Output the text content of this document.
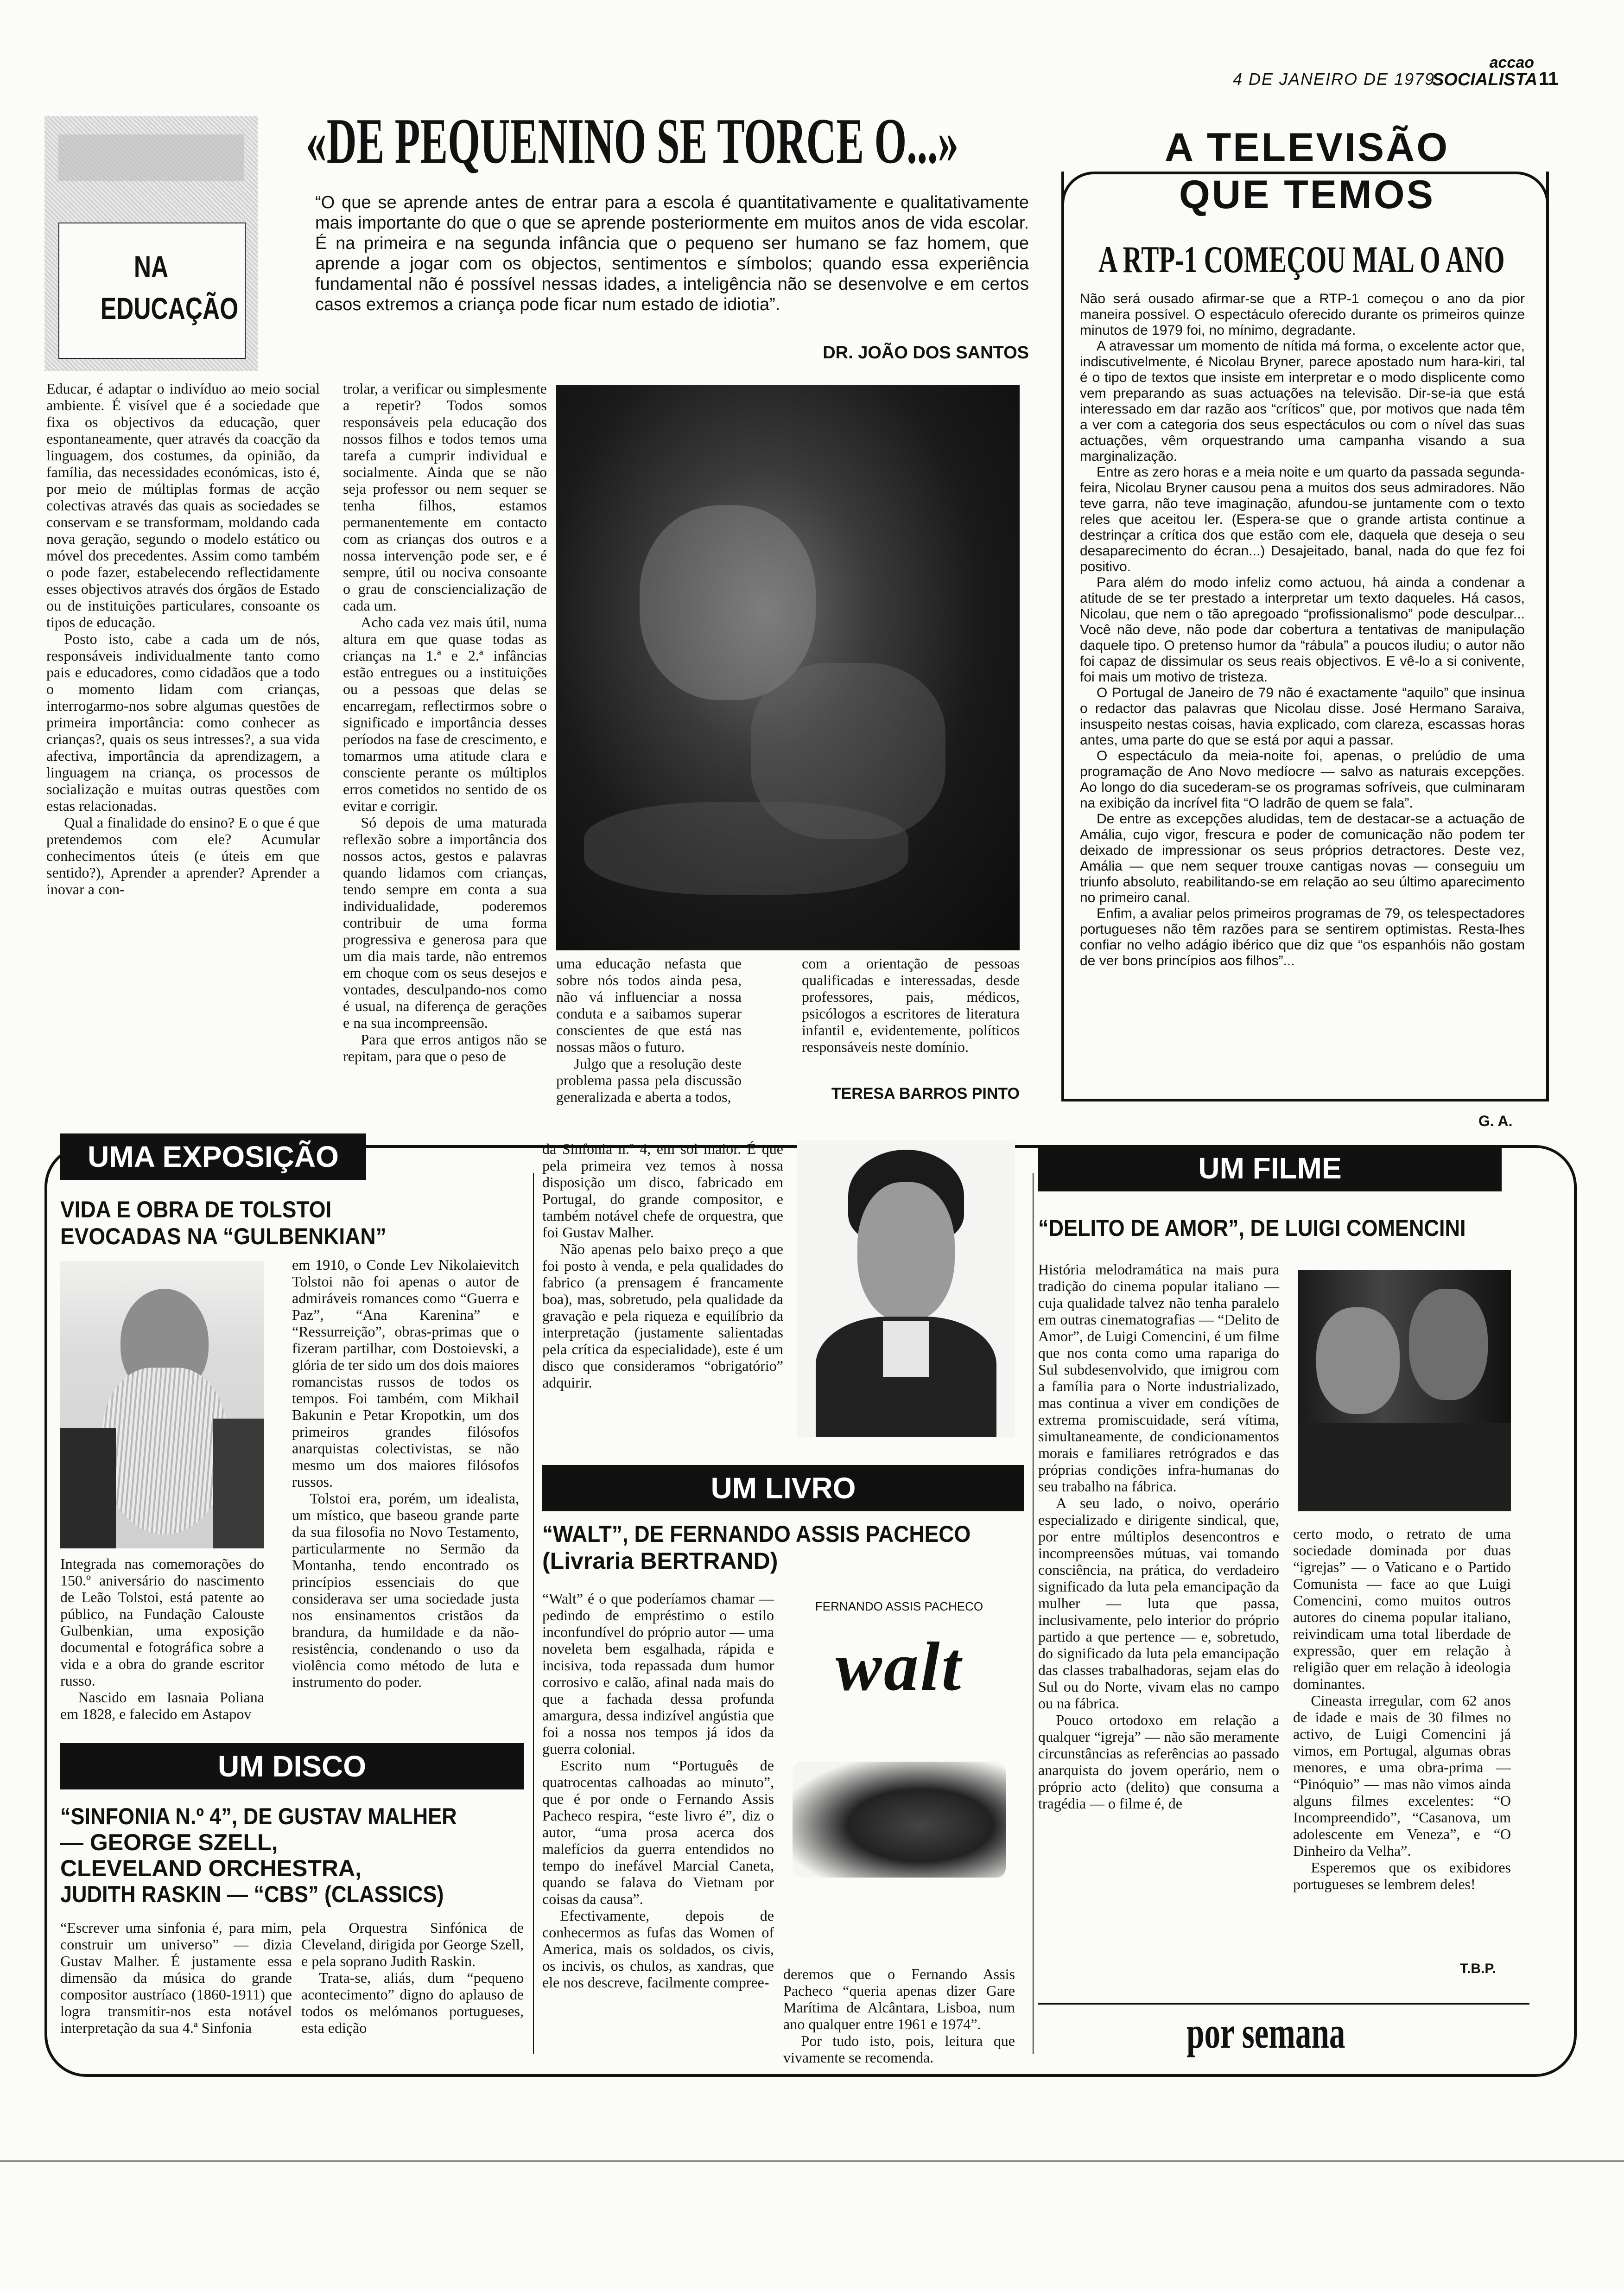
4 DE JANEIRO DE 1979
accao
SOCIALISTA 11
NA EDUCAÇÃO
«DE PEQUENINO SE TORCE O...»
“O que se aprende antes de entrar para a escola é quantitativamente e qualitativamente mais importante do que o que se aprende posteriormente em muitos anos de vida escolar. É na primeira e na segunda infância que o pequeno ser humano se faz homem, que aprende a jogar com os objectos, sentimentos e símbolos; quando essa experiência fundamental não é possível nessas idades, a inteligência não se desenvolve e em certos casos extremos a criança pode ficar num estado de idiotia”.
DR. JOÃO DOS SANTOS

Educar, é adaptar o indivíduo ao meio social ambiente. É visível que é a sociedade que fixa os objectivos da educação, quer espontaneamente, quer através da coacção da linguagem, dos costumes, da opinião, da família, das necessidades económicas, isto é, por meio de múltiplas formas de acção colectivas através das quais as sociedades se conservam e se transformam, moldando cada nova geração, segundo o modelo estático ou móvel dos precedentes. Assim como também o pode fazer, estabelecendo reflectidamente esses objectivos através dos órgãos de Estado ou de instituições particulares, consoante os tipos de educação.

Posto isto, cabe a cada um de nós, responsáveis individualmente tanto como pais e educadores, como cidadãos que a todo o momento lidam com crianças, interrogarmo-nos sobre algumas questões de primeira importância: como conhecer as crianças?, quais os seus intresses?, a sua vida afectiva, importância da aprendizagem, a linguagem na criança, os processos de socialização e muitas outras questões com estas relacionadas.

Qual a finalidade do ensino? E o que é que pretendemos com ele? Acumular conhecimentos úteis (e úteis em que sentido?), Aprender a aprender? Aprender a inovar a con-

trolar, a verificar ou simplesmente a repetir? Todos somos responsáveis pela educação dos nossos filhos e todos temos uma tarefa a cumprir individual e socialmente. Ainda que se não seja professor ou nem sequer se tenha filhos, estamos permanentemente em contacto com as crianças dos outros e a nossa intervenção pode ser, e é sempre, útil ou nociva consoante o grau de consciencialização de cada um.

Acho cada vez mais útil, numa altura em que quase todas as crianças na 1.ª e 2.ª infâncias estão entregues ou a instituições ou a pessoas que delas se encarregam, reflectirmos sobre o significado e importância desses períodos na fase de crescimento, e tomarmos uma atitude clara e consciente perante os múltiplos erros cometidos no sentido de os evitar e corrigir.

Só depois de uma maturada reflexão sobre a importância dos nossos actos, gestos e palavras quando lidamos com crianças, tendo sempre em conta a sua individualidade, poderemos contribuir de uma forma progressiva e generosa para que um dia mais tarde, não entremos em choque com os seus desejos e vontades, desculpando-nos como é usual, na diferença de gerações e na sua incompreensão.

Para que erros antigos não se repitam, para que o peso de

uma educação nefasta que sobre nós todos ainda pesa, não vá influenciar a nossa conduta e a saibamos superar conscientes de que está nas nossas mãos o futuro.

Julgo que a resolução deste problema passa pela discussão generalizada e aberta a todos,

com a orientação de pessoas qualificadas e interessadas, desde professores, pais, médicos, psicólogos a escritores de literatura infantil e, evidentemente, políticos responsáveis neste domínio.

TERESA BARROS PINTO
A TELEVISÃO
QUE TEMOS
A RTP-1 COMEÇOU MAL O ANO

Não será ousado afirmar-se que a RTP-1 começou o ano da pior maneira possível. O espectáculo oferecido durante os primeiros quinze minutos de 1979 foi, no mínimo, degradante.

A atravessar um momento de nítida má forma, o excelente actor que, indiscutivelmente, é Nicolau Bryner, parece apostado num hara-kiri, tal é o tipo de textos que insiste em interpretar e o modo displicente como vem preparando as suas actuações na televisão. Dir-se-ia que está interessado em dar razão aos “críticos” que, por motivos que nada têm a ver com a categoria dos seus espectáculos ou com o nível das suas actuações, vêm orquestrando uma campanha visando a sua marginalização.

Entre as zero horas e a meia noite e um quarto da passada segunda-feira, Nicolau Bryner causou pena a muitos dos seus admiradores. Não teve garra, não teve imaginação, afundou-se juntamente com o texto reles que aceitou ler. (Espera-se que o grande artista continue a destrinçar a crítica dos que estão com ele, daquela que deseja o seu desaparecimento do écran...) Desajeitado, banal, nada do que fez foi positivo.

Para além do modo infeliz como actuou, há ainda a condenar a atitude de se ter prestado a interpretar um texto daqueles. Há casos, Nicolau, que nem o tão apregoado “profissionalismo” pode desculpar... Você não deve, não pode dar cobertura a tentativas de manipulação daquele tipo. O pretenso humor da “rábula” a poucos iludiu; o autor não foi capaz de dissimular os seus reais objectivos. E vê-lo a si conivente, foi mais um motivo de tristeza.

O Portugal de Janeiro de 79 não é exactamente “aquilo” que insinua o redactor das palavras que Nicolau disse. José Hermano Saraiva, insuspeito nestas coisas, havia explicado, com clareza, escassas horas antes, uma parte do que se está por aqui a passar.

O espectáculo da meia-noite foi, apenas, o prelúdio de uma programação de Ano Novo medíocre — salvo as naturais excepções. Ao longo do dia sucederam-se os programas sofríveis, que culminaram na exibição da incrível fita “O ladrão de quem se fala”.

De entre as excepções aludidas, tem de destacar-se a actuação de Amália, cujo vigor, frescura e poder de comunicação não podem ter deixado de impressionar os seus próprios detractores. Deste vez, Amália — que nem sequer trouxe cantigas novas — conseguiu um triunfo absoluto, reabilitando-se em relação ao seu último aparecimento no primeiro canal.

Enfim, a avaliar pelos primeiros programas de 79, os telespectadores portugueses não têm razões para se sentirem optimistas. Resta-lhes confiar no velho adágio ibérico que diz que “os espanhóis não gostam de ver bons princípios aos filhos”...

G. A.
UMA EXPOSIÇÃO
VIDA E OBRA DE TOLSTOI EVOCADAS NA “GULBENKIAN”

em 1910, o Conde Lev Nikolaievitch Tolstoi não foi apenas o autor de admiráveis romances como “Guerra e Paz”, “Ana Karenina” e “Ressurreição”, obras-primas que o fizeram partilhar, com Dostoievski, a glória de ter sido um dos dois maiores romancistas russos de todos os tempos. Foi também, com Mikhail Bakunin e Petar Kropotkin, um dos primeiros grandes filósofos anarquistas colectivistas, se não mesmo um dos maiores filósofos russos.

Tolstoi era, porém, um idealista, um místico, que baseou grande parte da sua filosofia no Novo Testamento, particularmente no Sermão da Montanha, tendo encontrado os princípios essenciais do que considerava ser uma sociedade justa nos ensinamentos cristãos da brandura, da humildade e da não-resistência, condenando o uso da violência como método de luta e instrumento do poder.

Integrada nas comemorações do 150.º aniversário do nascimento de Leão Tolstoi, está patente ao público, na Fundação Calouste Gulbenkian, uma exposição documental e fotográfica sobre a vida e a obra do grande escritor russo.

Nascido em Iasnaia Poliana em 1828, e falecido em Astapov

UM DISCO
“SINFONIA N.º 4”, DE GUSTAV MALHER
— GEORGE SZELL,
CLEVELAND ORCHESTRA,
JUDITH RASKIN — “CBS” (CLASSICS)

“Escrever uma sinfonia é, para mim, construir um universo” — dizia Gustav Malher. É justamente essa dimensão da música do grande compositor austríaco (1860-1911) que logra transmitir-nos esta notável interpretação da sua 4.ª Sinfonia

pela Orquestra Sinfónica de Cleveland, dirigida por George Szell, e pela soprano Judith Raskin.

Trata-se, aliás, dum “pequeno acontecimento” digno do aplauso de todos os melómanos portugueses, esta edição

da Sinfonia n.º 4, em sol maior. É que pela primeira vez temos à nossa disposição um disco, fabricado em Portugal, do grande compositor, e também notável chefe de orquestra, que foi Gustav Malher.

Não apenas pelo baixo preço a que foi posto à venda, e pela qualidades do fabrico (a prensagem é francamente boa), mas, sobretudo, pela qualidade da gravação e pela riqueza e equilíbrio da interpretação (justamente salientadas pela crítica da especialidade), este é um disco que consideramos “obrigatório” adquirir.

UM LIVRO
“WALT”, DE FERNANDO ASSIS PACHECO
(Livraria BERTRAND)

“Walt” é o que poderíamos chamar — pedindo de empréstimo o estilo inconfundível do próprio autor — uma noveleta bem esgalhada, rápida e incisiva, toda repassada dum humor corrosivo e calão, afinal nada mais do que a fachada dessa profunda amargura, dessa indizível angústia que foi a nossa nos tempos já idos da guerra colonial.

Escrito num “Português de quatrocentas calhoadas ao minuto”, que é por onde o Fernando Assis Pacheco respira, “este livro é”, diz o autor, “uma prosa acerca dos malefícios da guerra entendidos no tempo do inefável Marcial Caneta, quando se falava do Vietnam por coisas da causa”.

Efectivamente, depois de conhecermos as fufas das Women of America, mais os soldados, os civis, os incivis, os chulos, as xandras, que ele nos descreve, facilmente compree-

FERNANDO ASSIS PACHECO
walt

deremos que o Fernando Assis Pacheco “queria apenas dizer Gare Marítima de Alcântara, Lisboa, num ano qualquer entre 1961 e 1974”.

Por tudo isto, pois, leitura que vivamente se recomenda.

UM FILME
“DELITO DE AMOR”, DE LUIGI COMENCINI

História melodramática na mais pura tradição do cinema popular italiano — cuja qualidade talvez não tenha paralelo em outras cinematografias — “Delito de Amor”, de Luigi Comencini, é um filme que nos conta como uma rapariga do Sul subdesenvolvido, que imigrou com a família para o Norte industrializado, mas continua a viver em condições de extrema promiscuidade, será vítima, simultaneamente, de condicionamentos morais e familiares retrógrados e das próprias condições infra-humanas do seu trabalho na fábrica.

A seu lado, o noivo, operário especializado e dirigente sindical, que, por entre múltiplos desencontros e incompreensões mútuas, vai tomando consciência, na prática, do verdadeiro significado da luta pela emancipação da mulher — luta que passa, inclusivamente, pelo interior do próprio partido a que pertence — e, sobretudo, do significado da luta pela emancipação das classes trabalhadoras, sejam elas do Sul ou do Norte, vivam elas no campo ou na fábrica.

Pouco ortodoxo em relação a qualquer “igreja” — não são meramente circunstâncias as referências ao passado anarquista do jovem operário, nem o próprio acto (delito) que consuma a tragédia — o filme é, de

certo modo, o retrato de uma sociedade dominada por duas “igrejas” — o Vaticano e o Partido Comunista — face ao que Luigi Comencini, como muitos outros autores do cinema popular italiano, reivindicam uma total liberdade de expressão, quer em relação à religião quer em relação à ideologia dominantes.

Cineasta irregular, com 62 anos de idade e mais de 30 filmes no activo, de Luigi Comencini já vimos, em Portugal, algumas obras menores, e uma obra-prima — “Pinóquio” — mas não vimos ainda alguns filmes excelentes: “O Incompreendido”, “Casanova, um adolescente em Veneza”, e “O Dinheiro da Velha”.

Esperemos que os exibidores portugueses se lembrem deles!

T.B.P.
por semana
